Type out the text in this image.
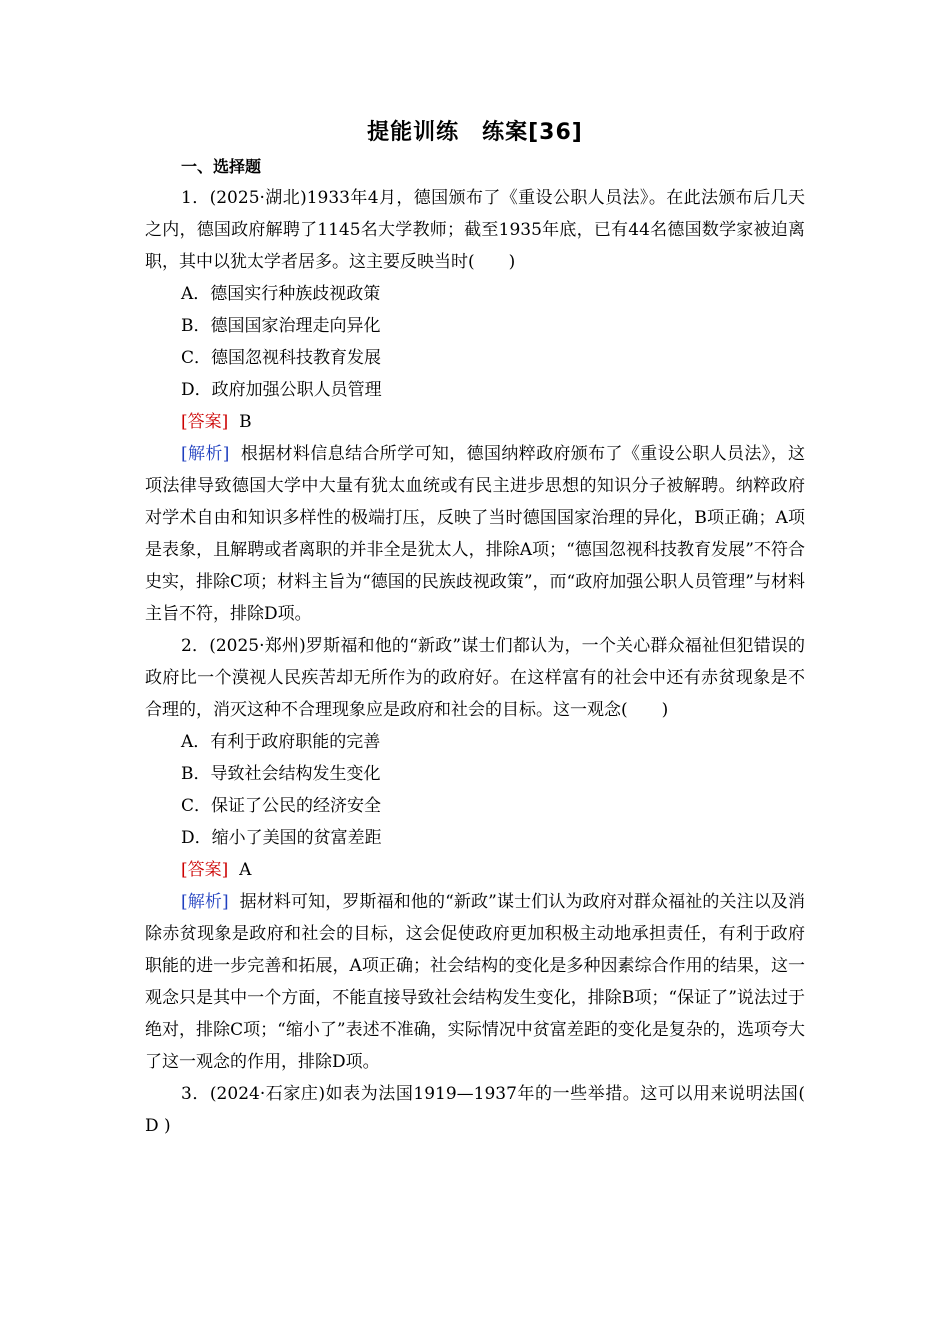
提能训练　练案[36]
一、选择题

1．(2025·湖北)1933年4月，德国颁布了《重设公职人员法》。在此法颁布后几天之内，德国政府解聘了1145名大学教师；截至1935年底，已有44名德国数学家被迫离职，其中以犹太学者居多。这主要反映当时(　　)

A．德国实行种族歧视政策

B．德国国家治理走向异化

C．德国忽视科技教育发展

D．政府加强公职人员管理

[答案] B

[解析] 根据材料信息结合所学可知，德国纳粹政府颁布了《重设公职人员法》，这项法律导致德国大学中大量有犹太血统或有民主进步思想的知识分子被解聘。纳粹政府对学术自由和知识多样性的极端打压，反映了当时德国国家治理的异化，B项正确；A项是表象，且解聘或者离职的并非全是犹太人，排除A项；“德国忽视科技教育发展”不符合史实，排除C项；材料主旨为“德国的民族歧视政策”，而“政府加强公职人员管理”与材料主旨不符，排除D项。

2．(2025·郑州)罗斯福和他的“新政”谋士们都认为，一个关心群众福祉但犯错误的政府比一个漠视人民疾苦却无所作为的政府好。在这样富有的社会中还有赤贫现象是不合理的，消灭这种不合理现象应是政府和社会的目标。这一观念(　　)

A．有利于政府职能的完善

B．导致社会结构发生变化

C．保证了公民的经济安全

D．缩小了美国的贫富差距

[答案] A

[解析] 据材料可知，罗斯福和他的“新政”谋士们认为政府对群众福祉的关注以及消除赤贫现象是政府和社会的目标，这会促使政府更加积极主动地承担责任，有利于政府职能的进一步完善和拓展，A项正确；社会结构的变化是多种因素综合作用的结果，这一观念只是其中一个方面，不能直接导致社会结构发生变化，排除B项；“保证了”说法过于绝对，排除C项；“缩小了”表述不准确，实际情况中贫富差距的变化是复杂的，选项夸大了这一观念的作用，排除D项。

3．(2024·石家庄)如表为法国1919—1937年的一些举措。这可以用来说明法国( D )
